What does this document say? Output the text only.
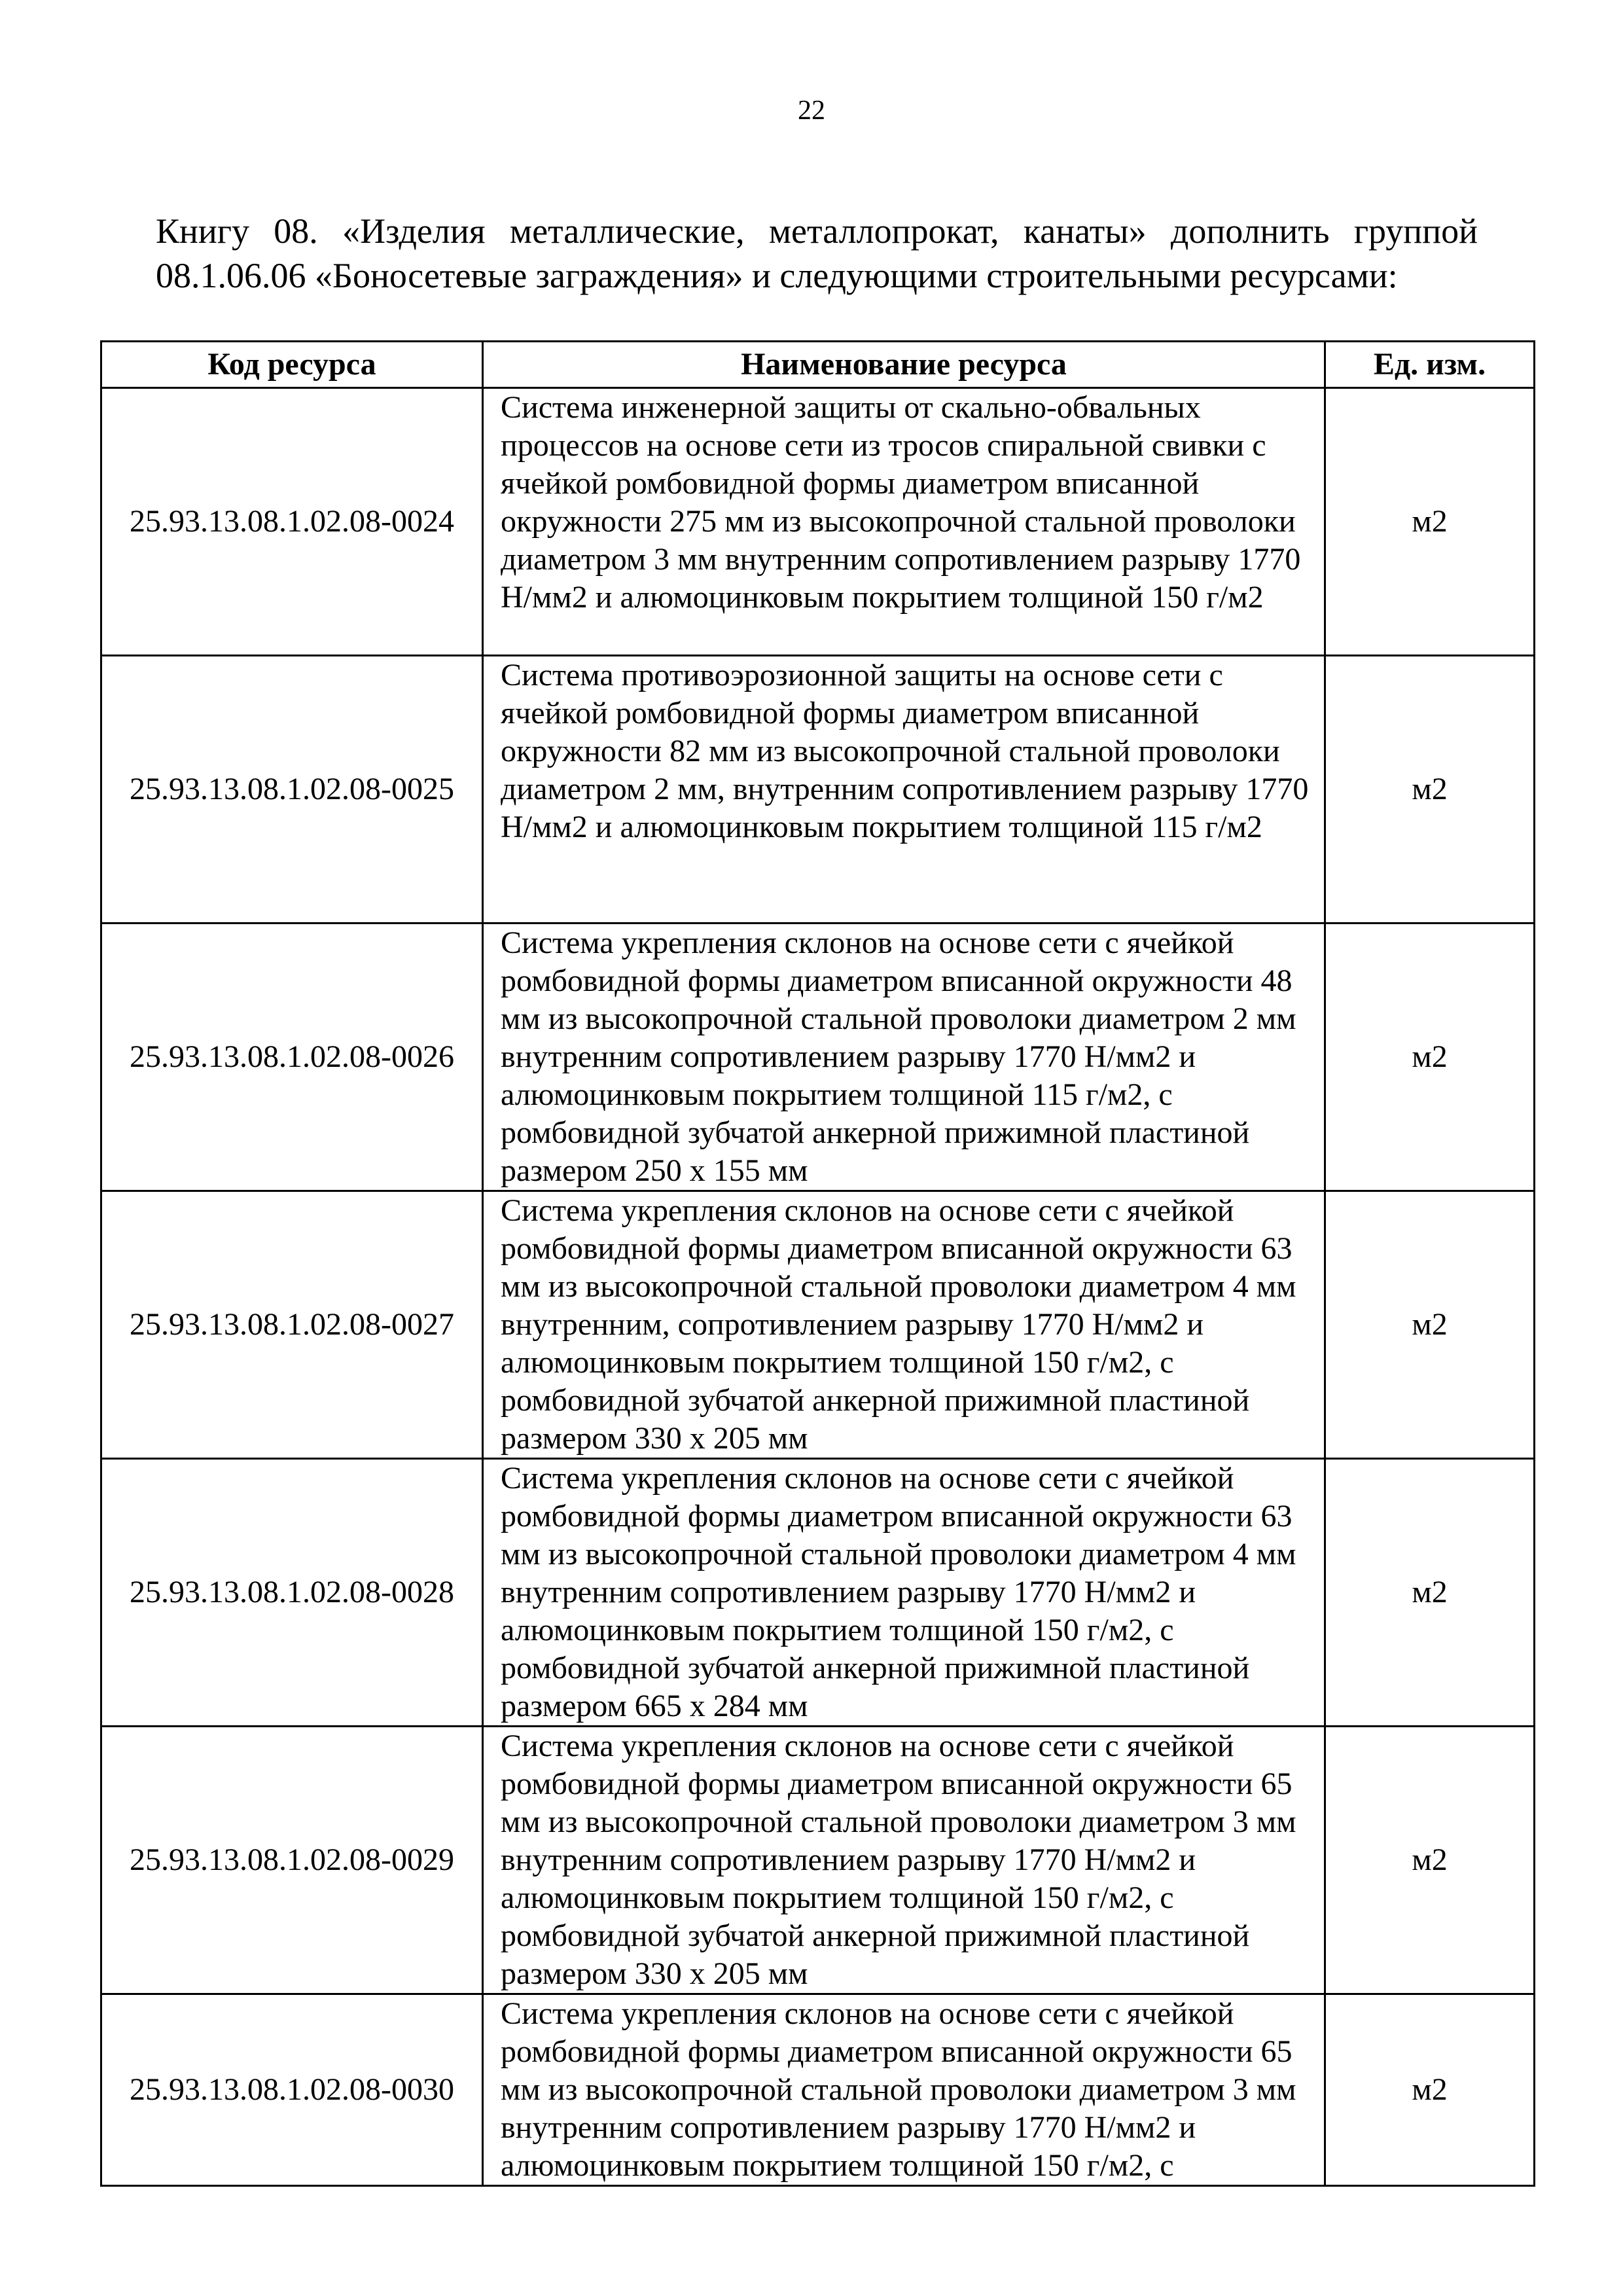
22

Книгу 08. «Изделия металлические, металлопрокат, канаты» дополнить группой 08.1.06.06 «Боносетевые заграждения» и следующими строительными ресурсами:

Код ресурса	Наименование ресурса	Ед. изм.
25.93.13.08.1.02.08-0024	Система инженерной защиты от скально-обвальных процессов на основе сети из тросов спиральной свивки с ячейкой ромбовидной формы диаметром вписанной окружности 275 мм из высокопрочной стальной проволоки диаметром 3 мм внутренним сопротивлением разрыву 1770 Н/мм2 и алюмоцинковым покрытием толщиной 150 г/м2	м2
25.93.13.08.1.02.08-0025	Система противоэрозионной защиты на основе сети с ячейкой ромбовидной формы диаметром вписанной окружности 82 мм из высокопрочной стальной проволоки диаметром 2 мм, внутренним сопротивлением разрыву 1770 Н/мм2 и алюмоцинковым покрытием толщиной 115 г/м2	м2
25.93.13.08.1.02.08-0026	Система укрепления склонов на основе сети с ячейкой ромбовидной формы диаметром вписанной окружности 48 мм из высокопрочной стальной проволоки диаметром 2 мм внутренним сопротивлением разрыву 1770 Н/мм2 и алюмоцинковым покрытием толщиной 115 г/м2, с ромбовидной зубчатой анкерной прижимной пластиной размером 250 х 155 мм	м2
25.93.13.08.1.02.08-0027	Система укрепления склонов на основе сети с ячейкой ромбовидной формы диаметром вписанной окружности 63 мм из высокопрочной стальной проволоки диаметром 4 мм внутренним, сопротивлением разрыву 1770 Н/мм2 и алюмоцинковым покрытием толщиной 150 г/м2, с ромбовидной зубчатой анкерной прижимной пластиной размером 330 х 205 мм	м2
25.93.13.08.1.02.08-0028	Система укрепления склонов на основе сети с ячейкой ромбовидной формы диаметром вписанной окружности 63 мм из высокопрочной стальной проволоки диаметром 4 мм внутренним сопротивлением разрыву 1770 Н/мм2 и алюмоцинковым покрытием толщиной 150 г/м2, с ромбовидной зубчатой анкерной прижимной пластиной размером 665 х 284 мм	м2
25.93.13.08.1.02.08-0029	Система укрепления склонов на основе сети с ячейкой ромбовидной формы диаметром вписанной окружности 65 мм из высокопрочной стальной проволоки диаметром 3 мм внутренним сопротивлением разрыву 1770 Н/мм2 и алюмоцинковым покрытием толщиной 150 г/м2, с ромбовидной зубчатой анкерной прижимной пластиной размером 330 х 205 мм	м2
25.93.13.08.1.02.08-0030	Система укрепления склонов на основе сети с ячейкой ромбовидной формы диаметром вписанной окружности 65 мм из высокопрочной стальной проволоки диаметром 3 мм внутренним сопротивлением разрыву 1770 Н/мм2 и алюмоцинковым покрытием толщиной 150 г/м2, с	м2
